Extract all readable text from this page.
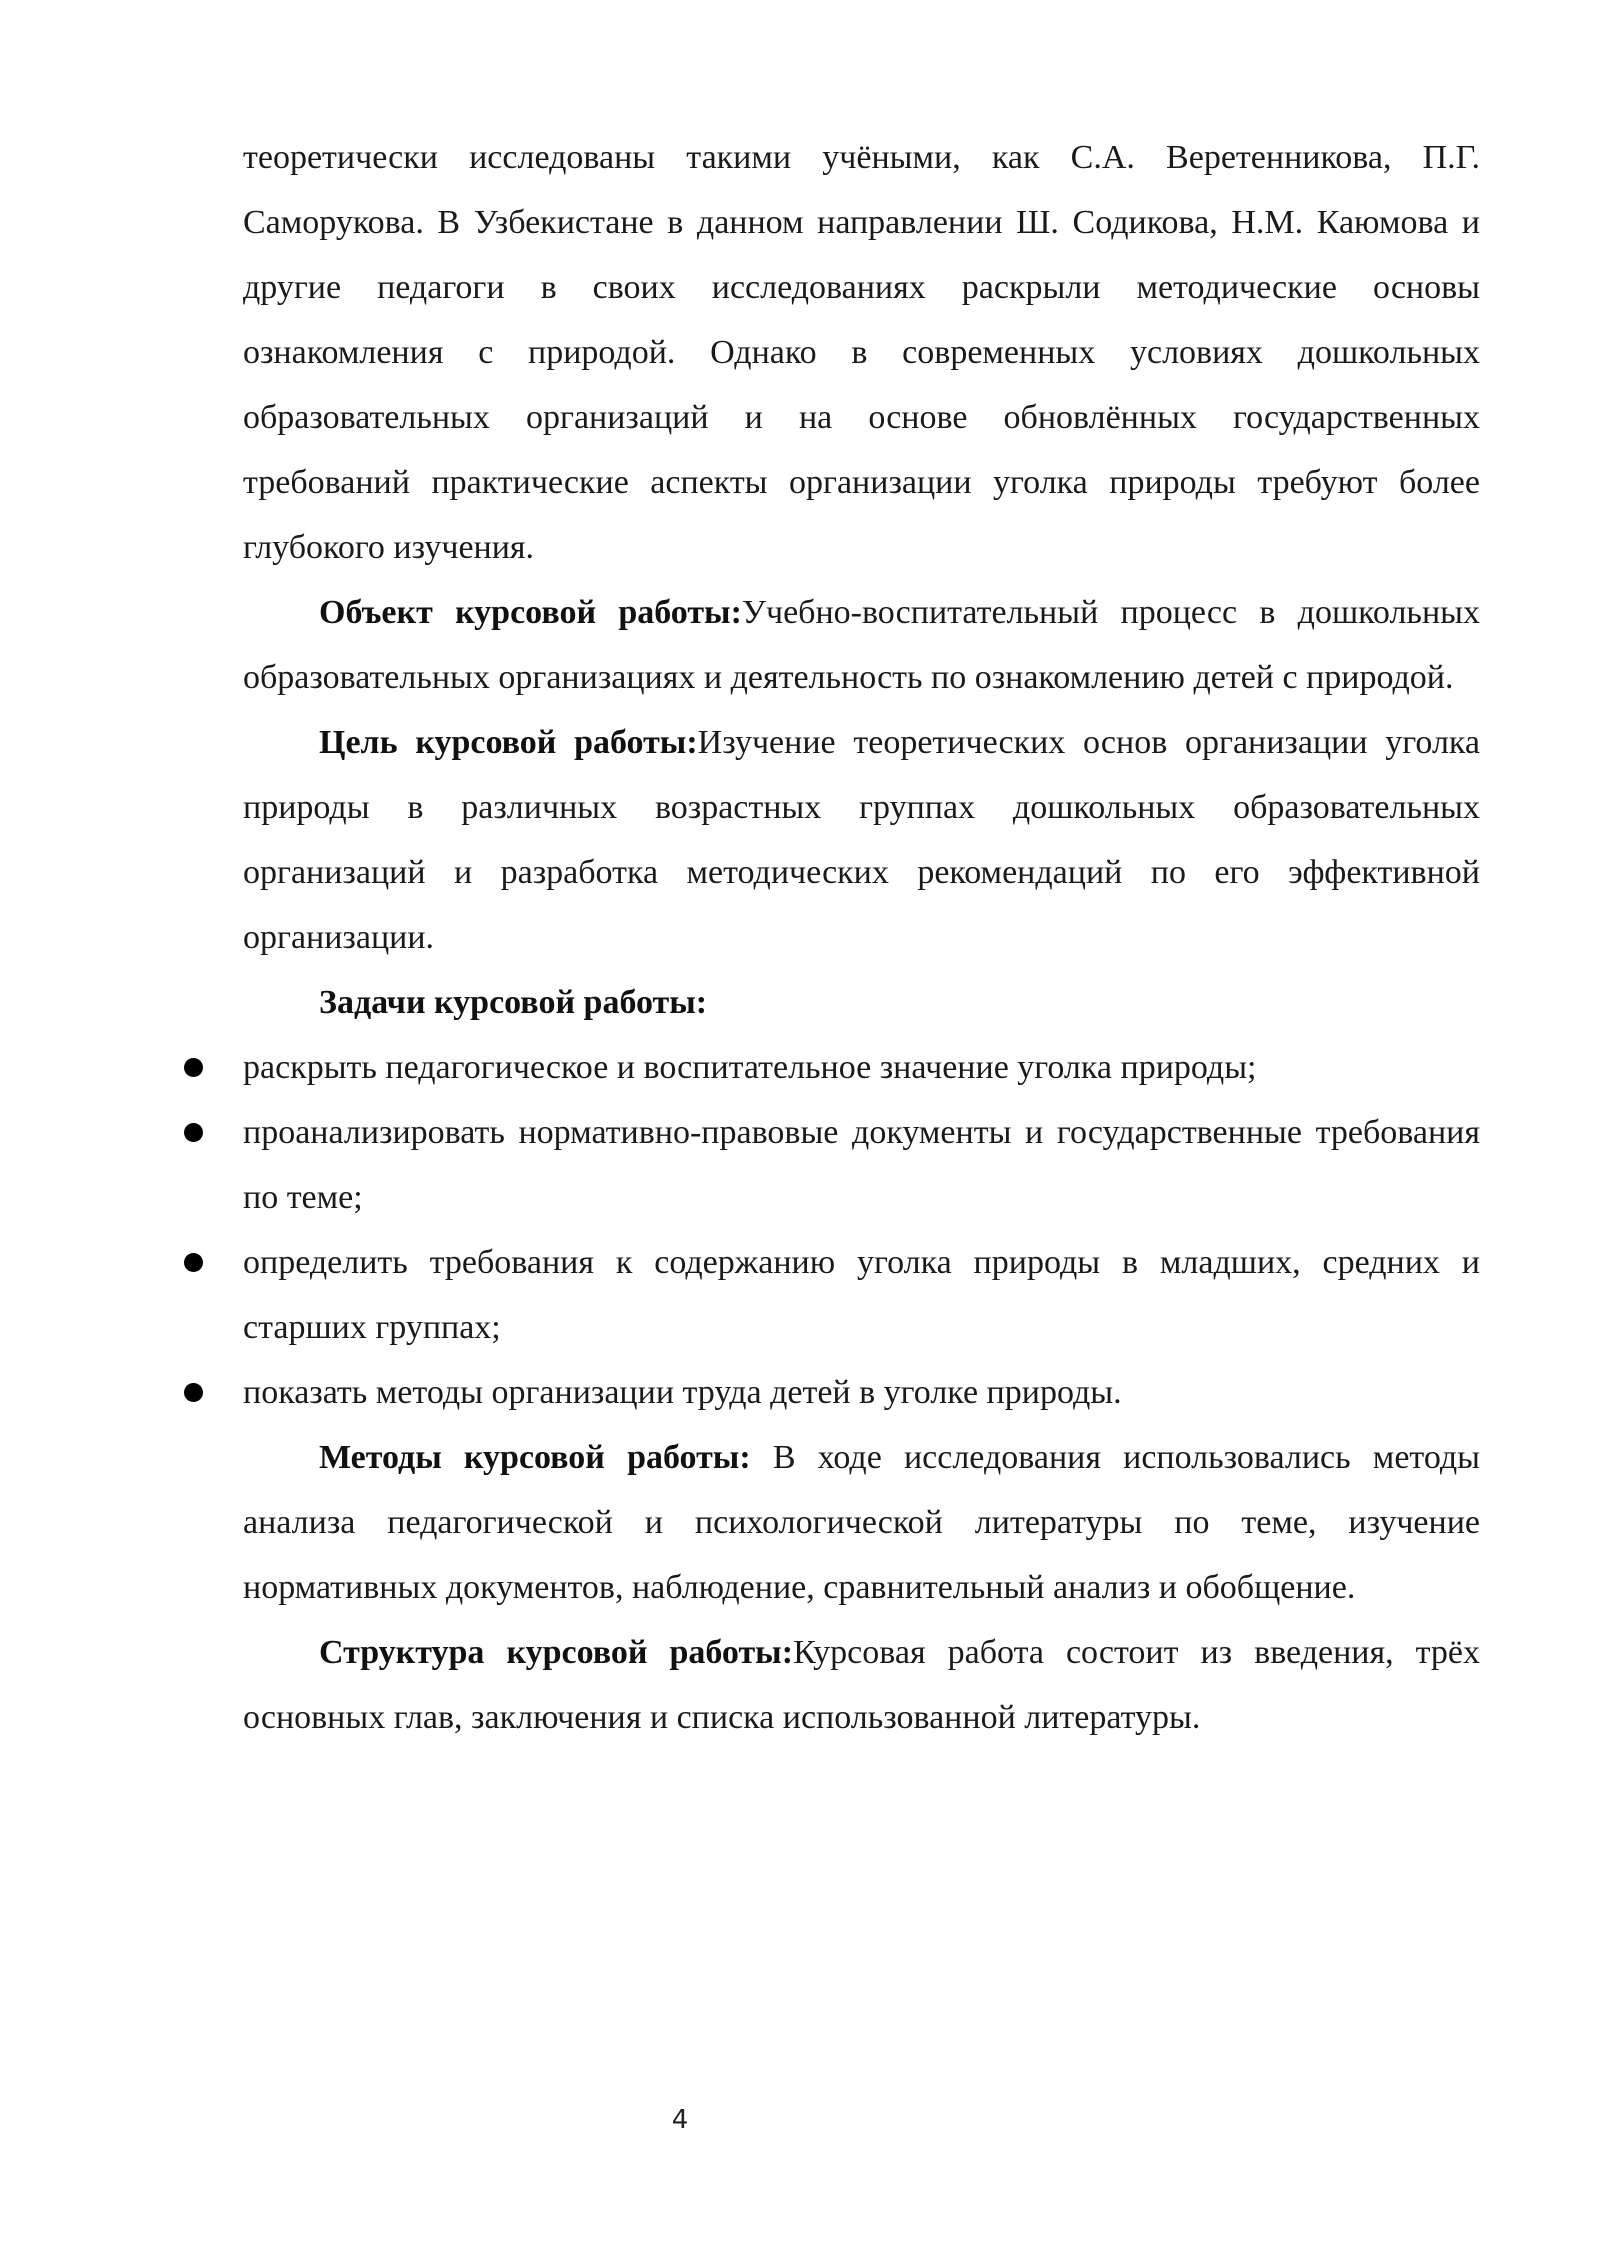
теоретически исследованы такими учёными, как С.А. Веретенникова, П.Г. Саморукова. В Узбекистане в данном направлении Ш. Содикова, Н.М. Каюмова и другие педагоги в своих исследованиях раскрыли методические основы ознакомления с природой. Однако в современных условиях дошкольных образовательных организаций и на основе обновлённых государственных требований практические аспекты организации уголка природы требуют более глубокого изучения.

Объект курсовой работы:Учебно-воспитательный процесс в дошкольных образовательных организациях и деятельность по ознакомлению детей с природой.

Цель курсовой работы:Изучение теоретических основ организации уголка природы в различных возрастных группах дошкольных образовательных организаций и разработка методических рекомендаций по его эффективной организации.

Задачи курсовой работы:

раскрыть педагогическое и воспитательное значение уголка природы;
проанализировать нормативно-правовые документы и государственные требования по теме;
определить требования к содержанию уголка природы в младших, средних и старших группах;
показать методы организации труда детей в уголке природы.

Методы курсовой работы: В ходе исследования использовались методы анализа педагогической и психологической литературы по теме, изучение нормативных документов, наблюдение, сравнительный анализ и обобщение.

Структура курсовой работы:Курсовая работа состоит из введения, трёх основных глав, заключения и списка использованной литературы.

4
